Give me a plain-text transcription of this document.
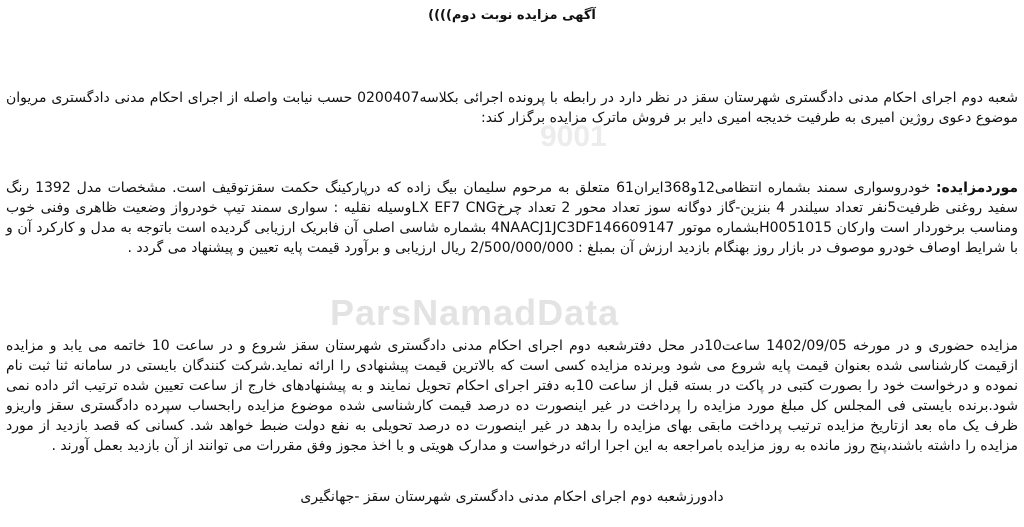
9001
ParsNamadData
آگهی مزایده نوبت دوم))))

شعبه دوم اجرای احکام مدنی دادگستری شهرستان سقز در نظر دارد در رابطه با پرونده اجرائی بکلاسه0200407 حسب نیابت واصله از اجرای احکام مدنی دادگستری مریوان موضوع دعوی روژین امیری به طرفیت خدیجه امیری دایر بر فروش ماترک مزایده برگزار کند:

موردمزایده: خودروسواری سمند بشماره انتظامی12و368ایران61 متعلق به مرحوم سلیمان بیگ زاده که درپارکینگ حکمت سقزتوقیف است. مشخصات مدل 1392 رنگ سفید روغنی ظرفیت5نفر تعداد سیلندر 4 بنزین-گاز دوگانه سوز تعداد محور 2 تعداد چرخLX EF7 CNGوسیله نقلیه : سواری سمند تیپ خودرواز وضعیت ظاهری وفنی خوب ومناسب برخوردار است وارکان H0051015بشماره موتور 4NAACJ1JC3DF146609147 بشماره شاسی اصلی آن فابریک ارزیابی گردیده است باتوجه به مدل و کارکرد آن و با شرایط اوصاف خودرو موصوف در بازار روز بهنگام بازدید ارزش آن بمبلغ : 2/500/000/000 ریال ارزیابی و برآورد قیمت پایه تعیین و پیشنهاد می گردد .

مزایده حضوری و در مورخه 1402/09/05 ساعت10در محل دفترشعبه دوم اجرای احکام مدنی دادگستری شهرستان سقز شروع و در ساعت 10 خاتمه می یابد و مزایده ازقیمت کارشناسی شده بعنوان قیمت پایه شروع می شود وبرنده مزایده کسی است که بالاترین قیمت پیشنهادی را ارائه نماید.شرکت کنندگان بایستی در سامانه ثنا ثبت نام نموده و درخواست خود را بصورت کتبی در پاکت در بسته قبل از ساعت 10به دفتر اجرای احکام تحویل نمایند و به پیشنهادهای خارج از ساعت تعیین شده ترتیب اثر داده نمی شود.برنده بایستی فی المجلس کل مبلغ مورد مزایده را پرداخت در غیر اینصورت ده درصد قیمت کارشناسی شده موضوع مزایده رابحساب سپرده دادگستری سقز واریزو ظرف یک ماه بعد ازتاریخ مزایده ترتیب پرداخت مابقی بهای مزایده را بدهد در غیر اینصورت ده درصد تحویلی به نفع دولت ضبط خواهد شد. کسانی که قصد بازدید از مورد مزایده را داشته باشند،پنج روز مانده به روز مزایده بامراجعه به این اجرا ارائه درخواست و مدارک هویتی و با اخذ مجوز وفق مقررات می توانند از آن بازدید بعمل آورند .

دادورزشعبه دوم اجرای احکام مدنی دادگستری شهرستان سقز -جهانگیری
